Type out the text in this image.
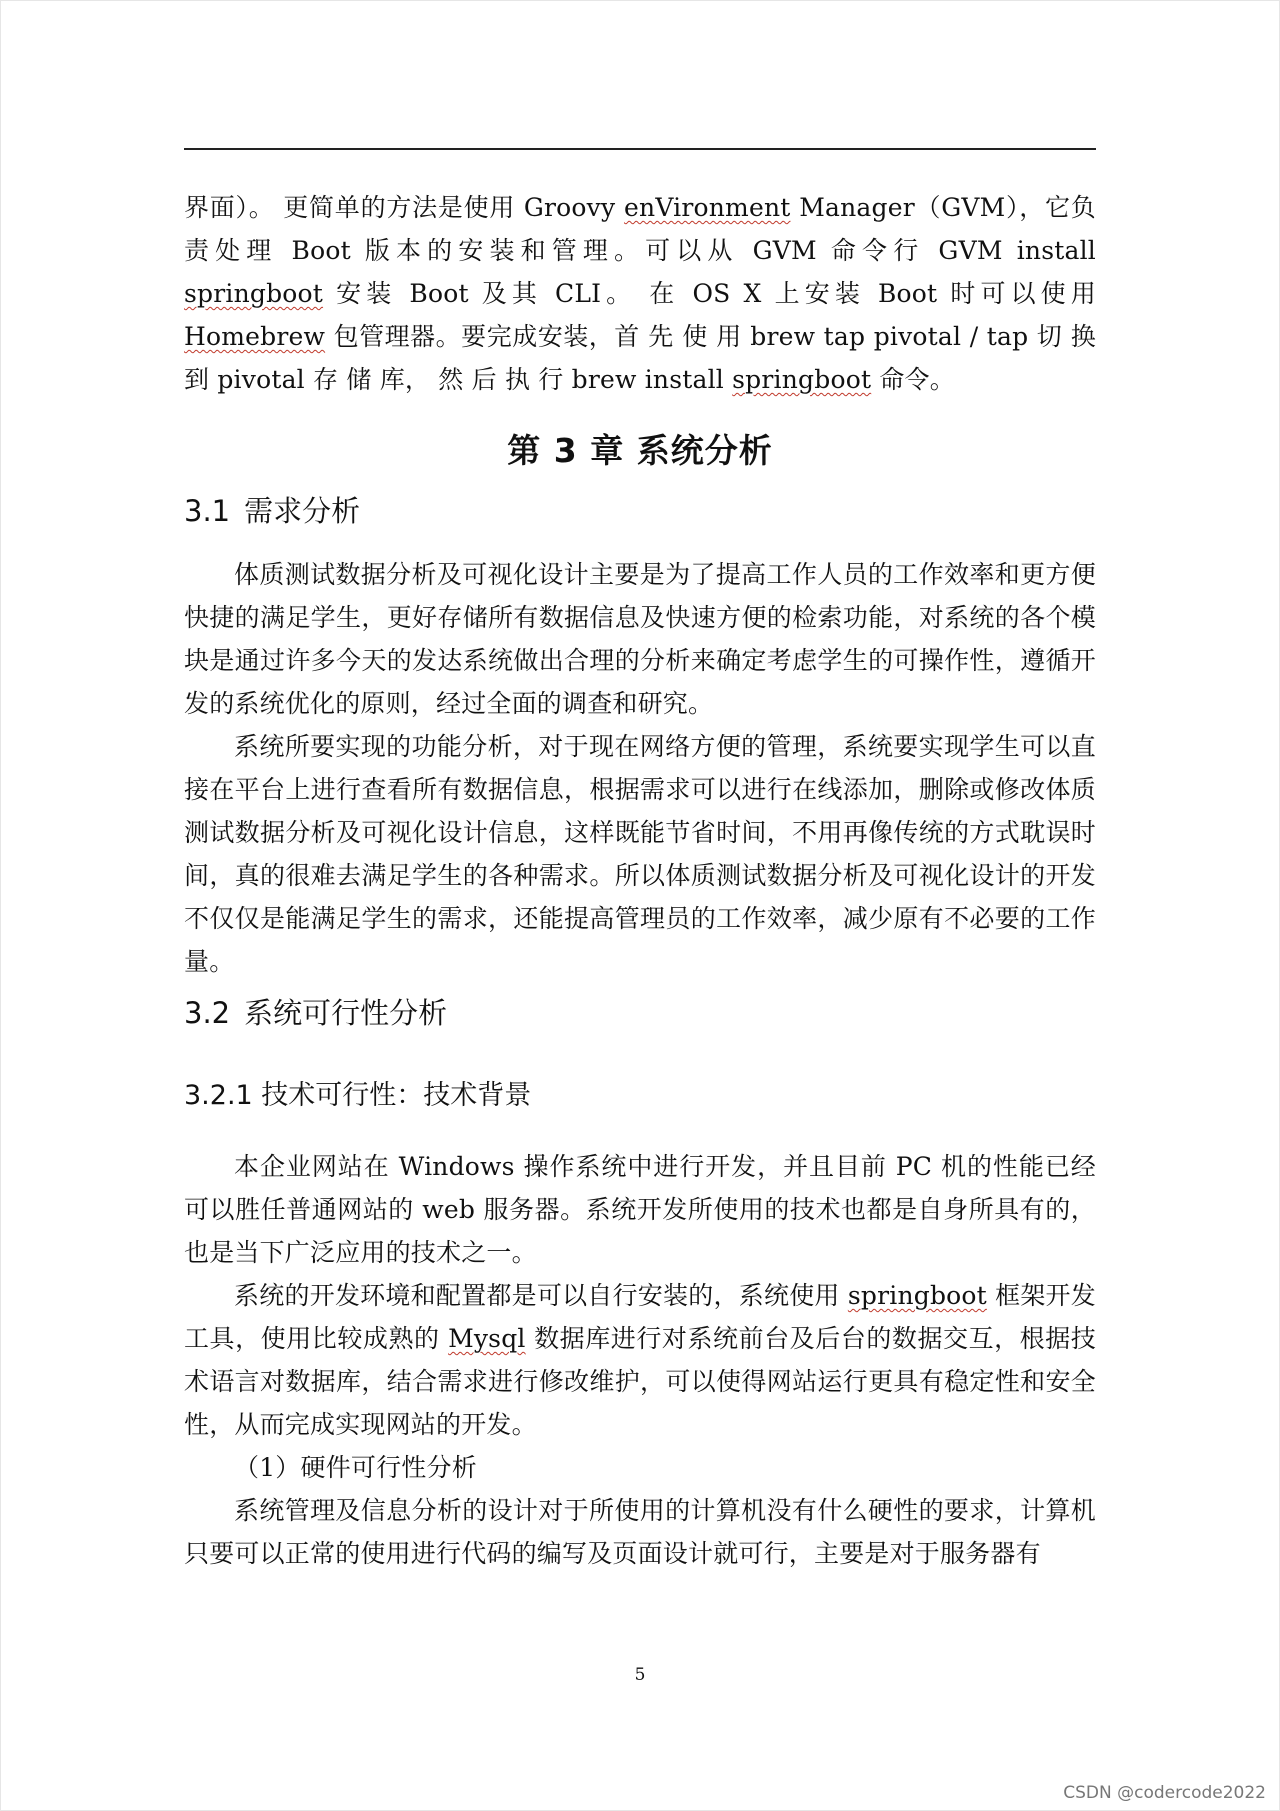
界面）。 更简单的方法是使用 Groovy enVironment Manager（GVM），它负责处理 Boot 版本的安装和管理。可以从 GVM 命令行 GVM install springboot 安装 Boot 及其 CLI。 在 OS X 上安装 Boot 时可以使用 Homebrew 包管理器。要完成安装，首 先 使 用 brew tap pivotal / tap 切 换 到 pivotal 存 储 库， 然 后 执 行 brew install springboot 命令。

第 3 章 系统分析
3.1 需求分析

体质测试数据分析及可视化设计主要是为了提高工作人员的工作效率和更方便快捷的满足学生，更好存储所有数据信息及快速方便的检索功能，对系统的各个模块是通过许多今天的发达系统做出合理的分析来确定考虑学生的可操作性，遵循开发的系统优化的原则，经过全面的调查和研究。

系统所要实现的功能分析，对于现在网络方便的管理，系统要实现学生可以直接在平台上进行查看所有数据信息，根据需求可以进行在线添加，删除或修改体质测试数据分析及可视化设计信息，这样既能节省时间，不用再像传统的方式耽误时间，真的很难去满足学生的各种需求。所以体质测试数据分析及可视化设计的开发不仅仅是能满足学生的需求，还能提高管理员的工作效率，减少原有不必要的工作量。

3.2 系统可行性分析
3.2.1 技术可行性：技术背景

本企业网站在 Windows 操作系统中进行开发，并且目前 PC 机的性能已经可以胜任普通网站的 web 服务器。系统开发所使用的技术也都是自身所具有的，也是当下广泛应用的技术之一。

系统的开发环境和配置都是可以自行安装的，系统使用 springboot 框架开发工具，使用比较成熟的 Mysql 数据库进行对系统前台及后台的数据交互，根据技术语言对数据库，结合需求进行修改维护，可以使得网站运行更具有稳定性和安全性，从而完成实现网站的开发。

（1）硬件可行性分析

系统管理及信息分析的设计对于所使用的计算机没有什么硬性的要求，计算机只要可以正常的使用进行代码的编写及页面设计就可行，主要是对于服务器有

5
CSDN @codercode2022
